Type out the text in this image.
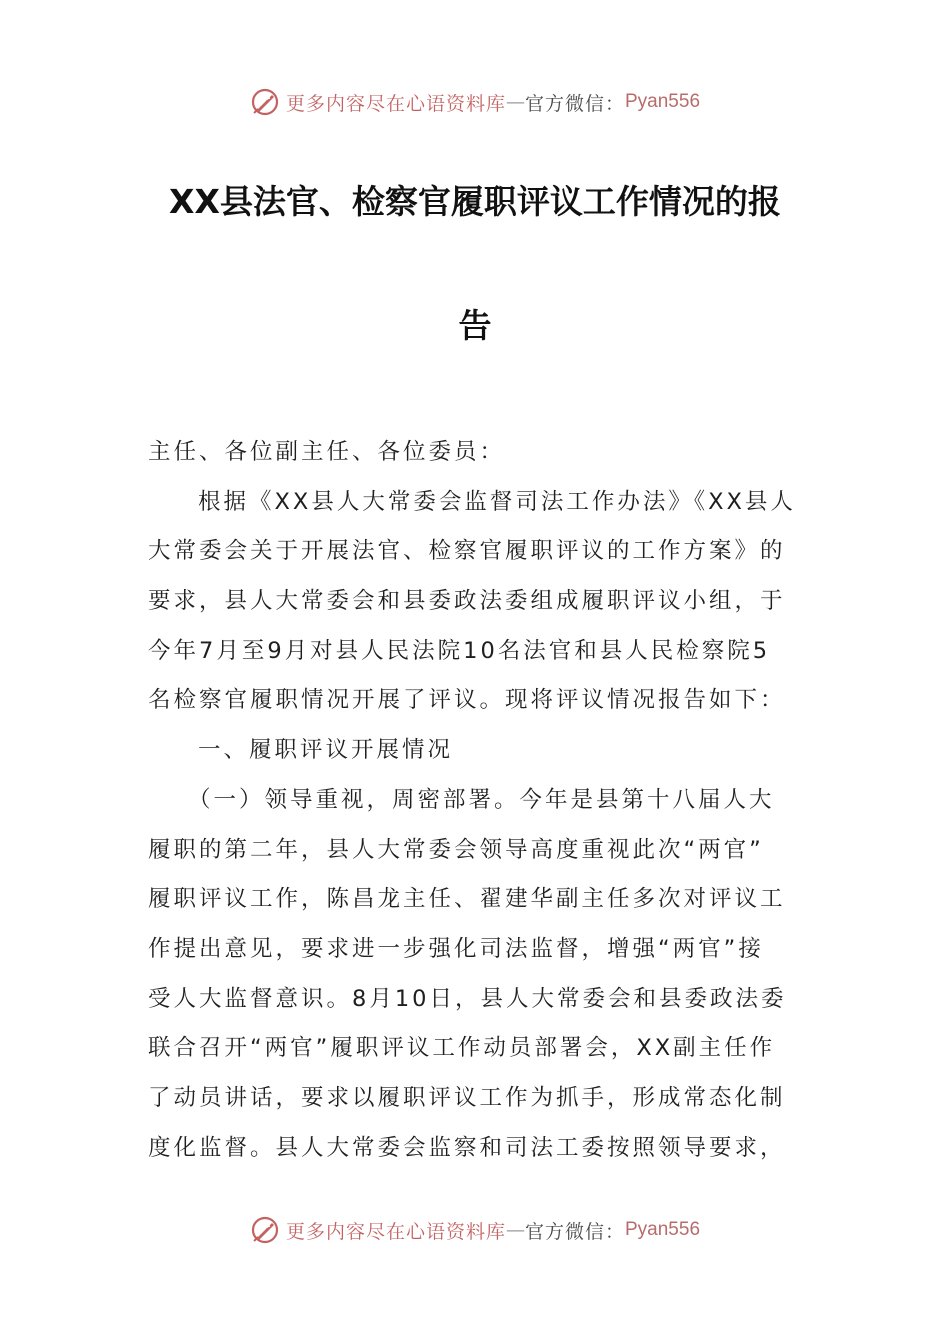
更多内容尽在心语资料库 — 官方微信： Pyan556
XX县法官、检察官履职评议工作情况的报
告
主任、各位副主任、各位委员：
根据《XX县人大常委会监督司法工作办法》《XX县人
大常委会关于开展法官、检察官履职评议的工作方案》的
要求，县人大常委会和县委政法委组成履职评议小组，于
今年7月至9月对县人民法院10名法官和县人民检察院5
名检察官履职情况开展了评议。现将评议情况报告如下：
一、履职评议开展情况
（一）领导重视，周密部署。今年是县第十八届人大
履职的第二年，县人大常委会领导高度重视此次“两官”
履职评议工作，陈昌龙主任、翟建华副主任多次对评议工
作提出意见，要求进一步强化司法监督，增强“两官”接
受人大监督意识。8月10日，县人大常委会和县委政法委
联合召开“两官”履职评议工作动员部署会，XX副主任作
了动员讲话，要求以履职评议工作为抓手，形成常态化制
度化监督。县人大常委会监察和司法工委按照领导要求，
更多内容尽在心语资料库 — 官方微信： Pyan556
